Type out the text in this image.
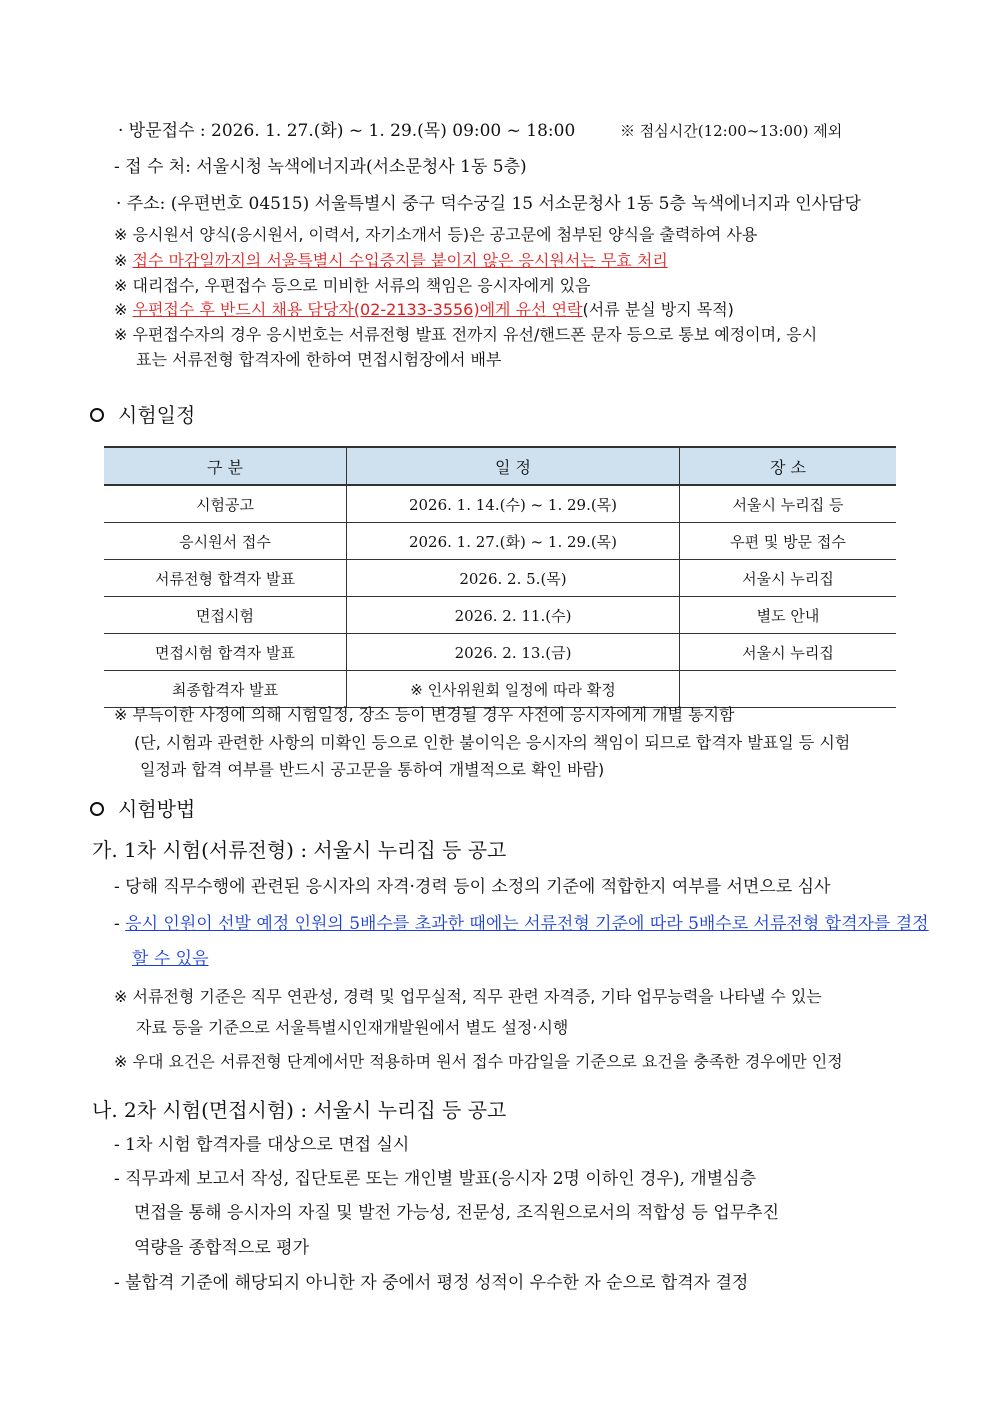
· 방문접수 : 2026. 1. 27.(화) ~ 1. 29.(목) 09:00 ~ 18:00	※ 점심시간(12:00~13:00) 제외
- 접 수 처: 서울시청 녹색에너지과(서소문청사 1동 5층)
· 주소: (우편번호 04515) 서울특별시 중구 덕수궁길 15 서소문청사 1동 5층 녹색에너지과 인사담당
※ 응시원서 양식(응시원서, 이력서, 자기소개서 등)은 공고문에 첨부된 양식을 출력하여 사용
※ 접수 마감일까지의 서울특별시 수입증지를 붙이지 않은 응시원서는 무효 처리
※ 대리접수, 우편접수 등으로 미비한 서류의 책임은 응시자에게 있음
※ 우편접수 후 반드시 채용 담당자(02-2133-3556)에게 유선 연락(서류 분실 방지 목적)
※ 우편접수자의 경우 응시번호는 서류전형 발표 전까지 유선/핸드폰 문자 등으로 통보 예정이며, 응시
표는 서류전형 합격자에 한하여 면접시험장에서 배부
시험일정
구 분	일 정	장 소
시험공고	2026. 1. 14.(수) ~ 1. 29.(목)	서울시 누리집 등
응시원서 접수	2026. 1. 27.(화) ~ 1. 29.(목)	우편 및 방문 접수
서류전형 합격자 발표	2026. 2. 5.(목)	서울시 누리집
면접시험	2026. 2. 11.(수)	별도 안내
면접시험 합격자 발표	2026. 2. 13.(금)	서울시 누리집
최종합격자 발표	※ 인사위원회 일정에 따라 확정	
※ 부득이한 사정에 의해 시험일정, 장소 등이 변경될 경우 사전에 응시자에게 개별 통지함
(단, 시험과 관련한 사항의 미확인 등으로 인한 불이익은 응시자의 책임이 되므로 합격자 발표일 등 시험
일정과 합격 여부를 반드시 공고문을 통하여 개별적으로 확인 바람)
시험방법
가. 1차 시험(서류전형) : 서울시 누리집 등 공고
- 당해 직무수행에 관련된 응시자의 자격·경력 등이 소정의 기준에 적합한지 여부를 서면으로 심사
- 응시 인원이 선발 예정 인원의 5배수를 초과한 때에는 서류전형 기준에 따라 5배수로 서류전형 합격자를 결정
할 수 있음
※ 서류전형 기준은 직무 연관성, 경력 및 업무실적, 직무 관련 자격증, 기타 업무능력을 나타낼 수 있는
자료 등을 기준으로 서울특별시인재개발원에서 별도 설정·시행
※ 우대 요건은 서류전형 단계에서만 적용하며 원서 접수 마감일을 기준으로 요건을 충족한 경우에만 인정
나. 2차 시험(면접시험) : 서울시 누리집 등 공고
- 1차 시험 합격자를 대상으로 면접 실시
- 직무과제 보고서 작성, 집단토론 또는 개인별 발표(응시자 2명 이하인 경우), 개별심층
면접을 통해 응시자의 자질 및 발전 가능성, 전문성, 조직원으로서의 적합성 등 업무추진
역량을 종합적으로 평가
- 불합격 기준에 해당되지 아니한 자 중에서 평정 성적이 우수한 자 순으로 합격자 결정
